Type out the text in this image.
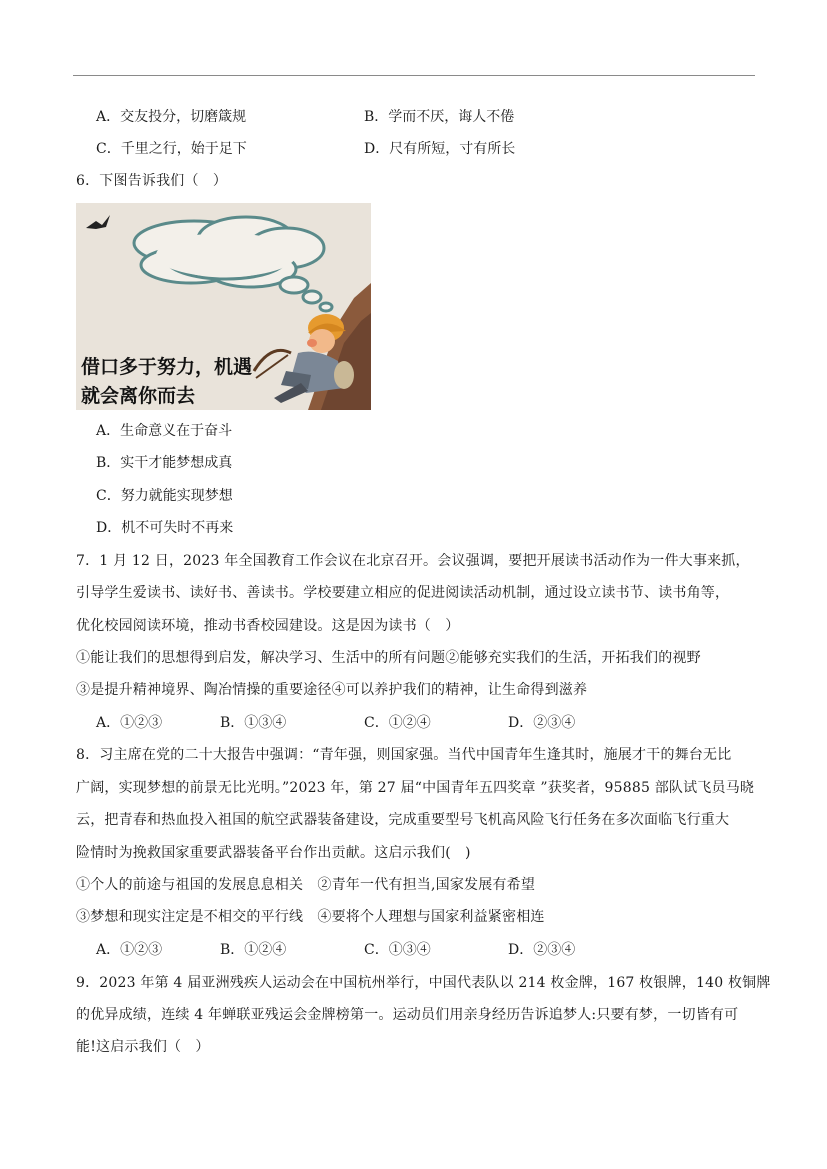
A．交友投分，切磨箴规	B．学而不厌，诲人不倦
C．千里之行，始于足下	D．尺有所短，寸有所长
6．下图告诉我们（　）
借口多于努力，机遇
就会离你而去
A．生命意义在于奋斗
B．实干才能梦想成真
C．努力就能实现梦想
D．机不可失时不再来
7．1 月 12 日，2023 年全国教育工作会议在北京召开。会议强调，要把开展读书活动作为一件大事来抓，
引导学生爱读书、读好书、善读书。学校要建立相应的促进阅读活动机制，通过设立读书节、读书角等，
优化校园阅读环境，推动书香校园建设。这是因为读书（　）
①能让我们的思想得到启发，解决学习、生活中的所有问题②能够充实我们的生活，开拓我们的视野
③是提升精神境界、陶冶情操的重要途径④可以养护我们的精神，让生命得到滋养
A．①②③	B．①③④	C．①②④	D．②③④
8．习主席在党的二十大报告中强调：“青年强，则国家强。当代中国青年生逢其时，施展才干的舞台无比
广阔，实现梦想的前景无比光明。”2023 年，第 27 届“中国青年五四奖章 ”获奖者，95885 部队试飞员马晓
云，把青春和热血投入祖国的航空武器装备建设，完成重要型号飞机高风险飞行任务在多次面临飞行重大
险情时为挽救国家重要武器装备平台作出贡献。这启示我们(　)
①个人的前途与祖国的发展息息相关　②青年一代有担当,国家发展有希望
③梦想和现实注定是不相交的平行线　④要将个人理想与国家利益紧密相连
A．①②③	B．①②④	C．①③④	D．②③④
9．2023 年第 4 届亚洲残疾人运动会在中国杭州举行，中国代表队以 214 枚金牌，167 枚银牌，140 枚铜牌
的优异成绩，连续 4 年蝉联亚残运会金牌榜第一。运动员们用亲身经历告诉追梦人:只要有梦，一切皆有可
能!这启示我们（　）
